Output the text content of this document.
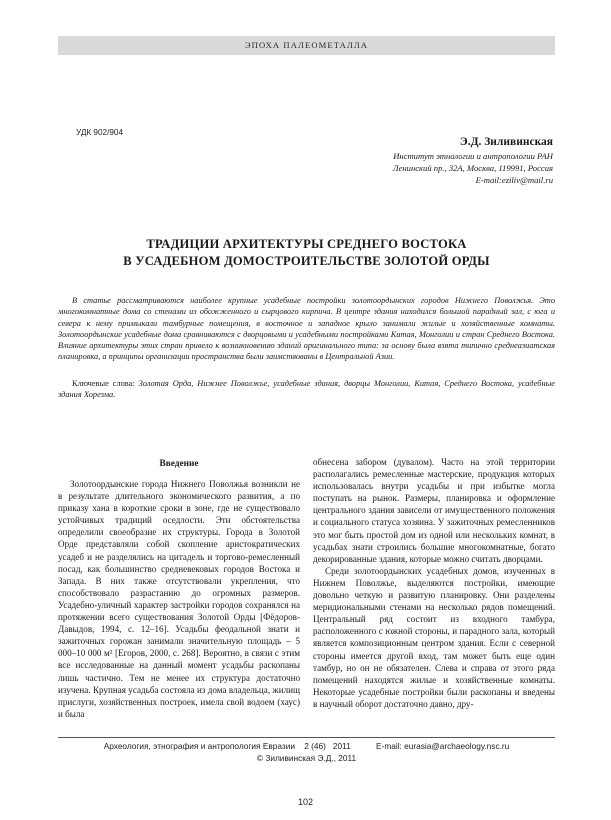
ЭПОХА ПАЛЕОМЕТАЛЛА
УДК 902/904
Э.Д. Зиливинская
Институт этнологии и антропологии РАН
Ленинский пр., 32А, Москва, 119991, Россия
E-mail:eziliv@mail.ru
ТРАДИЦИИ АРХИТЕКТУРЫ СРЕДНЕГО ВОСТОКА
В УСАДЕБНОМ ДОМОСТРОИТЕЛЬСТВЕ ЗОЛОТОЙ ОРДЫ
В статье рассматриваются наиболее крупные усадебные постройки золотоордынских городов Нижнего Поволжья. Это многокомнатные дома со стенами из обожженного и сырцового кирпича. В центре здания находился большой парадный зал, с юга и севера к нему примыкали тамбурные помещения, в восточное и западное крыло занимали жилые и хозяйственные комнаты. Золотоордынские усадебные дома сравниваются с дворцовыми и усадебными постройками Китая, Монголии и стран Среднего Востока. Влияние архитектуры этих стран привело к возникновению зданий оригинального типа: за основу была взята типично среднеазиатская планировка, а принципы организации пространства были заимствованы в Центральной Азии.
Ключевые слова: Золотая Орда, Нижнее Поволжье, усадебные здания, дворцы Монголии, Китая, Среднего Востока, усадебные здания Хорезма.
Введение

Золотоордынские города Нижнего Поволжья возникли не в результате длительного экономического развития, а по приказу хана в короткие сроки в зоне, где не существовало устойчивых традиций оседлости. Эти обстоятельства определили своеобразие их структуры. Города в Золотой Орде представляли собой скопление аристократических усадеб и не разделялись на цитадель и торгово-ремесленный посад, как большинство средневековых городов Востока и Запада. В них также отсутствовали укрепления, что способствовало разрастанию до огромных размеров. Усадебно-уличный характер застройки городов сохранялся на протяжении всего существования Золотой Орды [Фёдоров-Давыдов, 1994, с. 12–16]. Усадьбы феодальной знати и зажиточных горожан занимали значительную площадь – 5 000–10 000 м² [Егоров, 2000, с. 268]. Вероятно, в связи с этим все исследованные на данный момент усадьбы раскопаны лишь частично. Тем не менее их структура достаточно изучена. Крупная усадьба состояла из дома владельца, жилищ прислуги, хозяйственных построек, имела свой водоем (хаус) и была

обнесена забором (дувалом). Часто на этой территории располагались ремесленные мастерские, продукция которых использовалась внутри усадьбы и при избытке могла поступать на рынок. Размеры, планировка и оформление центрального здания зависели от имущественного положения и социального статуса хозяина. У зажиточных ремесленников это мог быть простой дом из одной или нескольких комнат, в усадьбах знати строились большие многокомнатные, богато декорированные здания, которые можно считать дворцами.

Среди золотоордынских усадебных домов, изученных в Нижнем Поволжье, выделяются постройки, имеющие довольно четкую и развитую планировку. Они разделены меридиональными стенами на несколько рядов помещений. Центральный ряд состоит из входного тамбура, расположенного с южной стороны, и парадного зала, который является композиционным центром здания. Если с северной стороны имеется другой вход, там может быть еще один тамбур, но он не обязателен. Слева и справа от этого ряда помещений находятся жилые и хозяйственные комнаты. Некоторые усадебные постройки были раскопаны и введены в научный оборот достаточно давно, дру-

Археология, этнография и антропология Евразии 2 (46) 2011	E-mail: eurasia@archaeology.nsc.ru
© Зиливинская Э.Д., 2011
102
